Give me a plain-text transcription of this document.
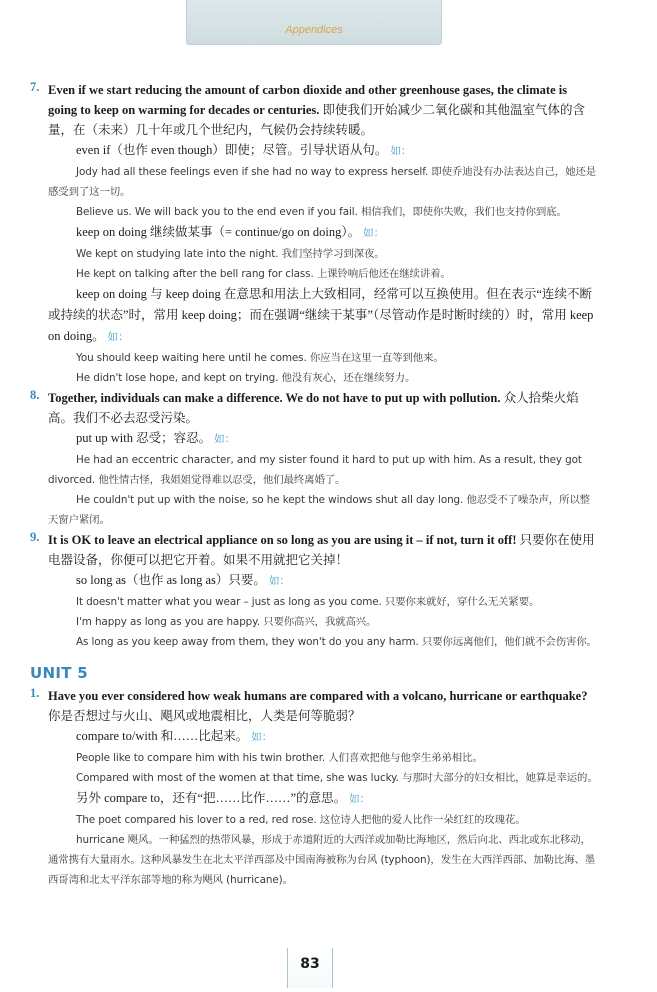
Appendices
7. Even if we start reducing the amount of carbon dioxide and other greenhouse gases, the climate is going to keep on warming for decades or centuries. 即使我们开始减少二氧化碳和其他温室气体的含量，在（未来）几十年或几个世纪内，气候仍会持续转暖。
even if（也作 even though）即使；尽管。引导状语从句。 如：
Jody had all these feelings even if she had no way to express herself. 即使乔迪没有办法表达自己，她还是感受到了这一切。
Believe us. We will back you to the end even if you fail. 相信我们，即使你失败，我们也支持你到底。
keep on doing 继续做某事（= continue/go on doing）。 如：
We kept on studying late into the night. 我们坚持学习到深夜。
He kept on talking after the bell rang for class. 上课铃响后他还在继续讲着。
keep on doing 与 keep doing 在意思和用法上大致相同，经常可以互换使用。但在表示“连续不断或持续的状态”时，常用 keep doing；而在强调“继续干某事”（尽管动作是时断时续的）时，常用 keep on doing。 如：
You should keep waiting here until he comes. 你应当在这里一直等到他来。
He didn't lose hope, and kept on trying. 他没有灰心，还在继续努力。
8. Together, individuals can make a difference. We do not have to put up with pollution. 众人拾柴火焰高。我们不必去忍受污染。
put up with 忍受；容忍。 如：
He had an eccentric character, and my sister found it hard to put up with him. As a result, they got divorced. 他性情古怪，我姐姐觉得难以忍受，他们最终离婚了。
He couldn't put up with the noise, so he kept the windows shut all day long. 他忍受不了噪杂声，所以整天窗户紧闭。
9. It is OK to leave an electrical appliance on so long as you are using it – if not, turn it off! 只要你在使用电器设备，你便可以把它开着。如果不用就把它关掉！
so long as（也作 as long as）只要。 如：
It doesn't matter what you wear – just as long as you come. 只要你来就好，穿什么无关紧要。
I'm happy as long as you are happy. 只要你高兴，我就高兴。
As long as you keep away from them, they won't do you any harm. 只要你远离他们，他们就不会伤害你。
UNIT 5
1. Have you ever considered how weak humans are compared with a volcano, hurricane or earthquake? 你是否想过与火山、飓风或地震相比，人类是何等脆弱？
compare to/with 和……比起来。 如：
People like to compare him with his twin brother. 人们喜欢把他与他孪生弟弟相比。
Compared with most of the women at that time, she was lucky. 与那时大部分的妇女相比，她算是幸运的。
另外 compare to，还有“把……比作……”的意思。 如：
The poet compared his lover to a red, red rose. 这位诗人把他的爱人比作一朵红红的玫瑰花。
hurricane 飓风。一种猛烈的热带风暴，形成于赤道附近的大西洋或加勒比海地区，然后向北、西北或东北移动，通常携有大量雨水。这种风暴发生在北太平洋西部及中国南海被称为台风 (typhoon)，发生在大西洋西部、加勒比海、墨西哥湾和北太平洋东部等地的称为飓风 (hurricane)。
83
